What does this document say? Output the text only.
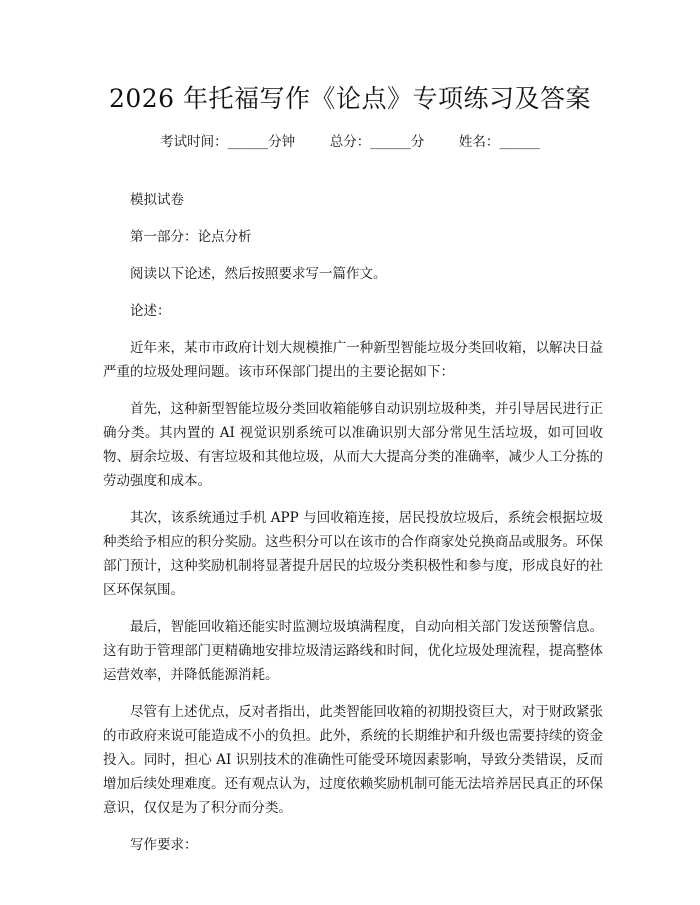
2026 年托福写作《论点》专项练习及答案
考试时间：______分钟	总分：______分	姓名：______

模拟试卷

第一部分：论点分析

阅读以下论述，然后按照要求写一篇作文。

论述：

近年来，某市市政府计划大规模推广一种新型智能垃圾分类回收箱，以解决日益严重的垃圾处理问题。该市环保部门提出的主要论据如下：

首先，这种新型智能垃圾分类回收箱能够自动识别垃圾种类，并引导居民进行正确分类。其内置的 AI 视觉识别系统可以准确识别大部分常见生活垃圾，如可回收物、厨余垃圾、有害垃圾和其他垃圾，从而大大提高分类的准确率，减少人工分拣的劳动强度和成本。

其次，该系统通过手机 APP 与回收箱连接，居民投放垃圾后，系统会根据垃圾种类给予相应的积分奖励。这些积分可以在该市的合作商家处兑换商品或服务。环保部门预计，这种奖励机制将显著提升居民的垃圾分类积极性和参与度，形成良好的社区环保氛围。

最后，智能回收箱还能实时监测垃圾填满程度，自动向相关部门发送预警信息。这有助于管理部门更精确地安排垃圾清运路线和时间，优化垃圾处理流程，提高整体运营效率，并降低能源消耗。

尽管有上述优点，反对者指出，此类智能回收箱的初期投资巨大，对于财政紧张的市政府来说可能造成不小的负担。此外，系统的长期维护和升级也需要持续的资金投入。同时，担心 AI 识别技术的准确性可能受环境因素影响，导致分类错误，反而增加后续处理难度。还有观点认为，过度依赖奖励机制可能无法培养居民真正的环保意识，仅仅是为了积分而分类。

写作要求：
